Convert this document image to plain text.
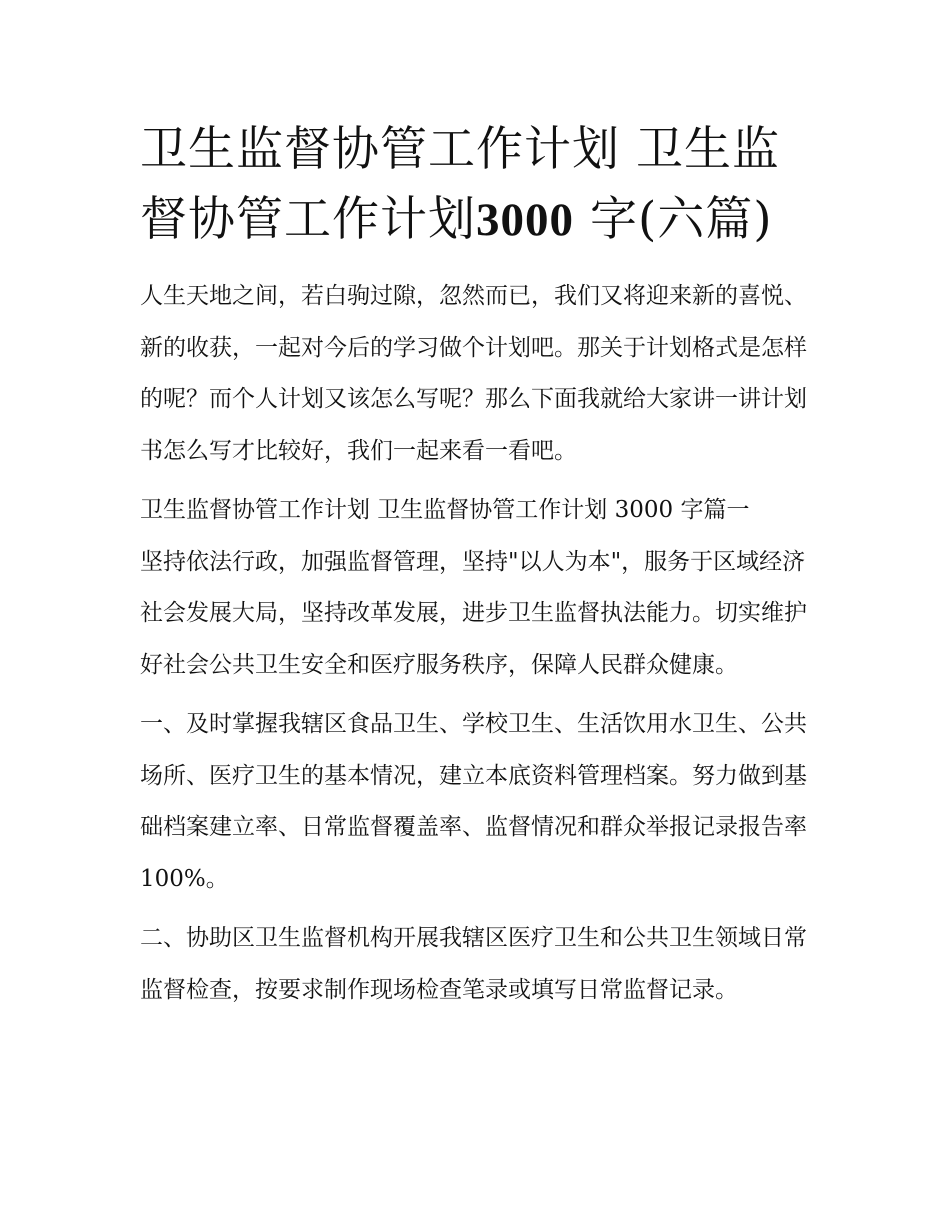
卫生监督协管工作计划 卫生监督协管工作计划3000 字(六篇)

人生天地之间，若白驹过隙，忽然而已，我们又将迎来新的喜悦、新的收获，一起对今后的学习做个计划吧。那关于计划格式是怎样的呢？而个人计划又该怎么写呢？那么下面我就给大家讲一讲计划书怎么写才比较好，我们一起来看一看吧。

卫生监督协管工作计划 卫生监督协管工作计划 3000 字篇一

坚持依法行政，加强监督管理，坚持"以人为本"，服务于区域经济社会发展大局，坚持改革发展，进步卫生监督执法能力。切实维护好社会公共卫生安全和医疗服务秩序，保障人民群众健康。

一、及时掌握我辖区食品卫生、学校卫生、生活饮用水卫生、公共场所、医疗卫生的基本情况，建立本底资料管理档案。努力做到基础档案建立率、日常监督覆盖率、监督情况和群众举报记录报告率 100%。

二、协助区卫生监督机构开展我辖区医疗卫生和公共卫生领域日常监督检查，按要求制作现场检查笔录或填写日常监督记录。
